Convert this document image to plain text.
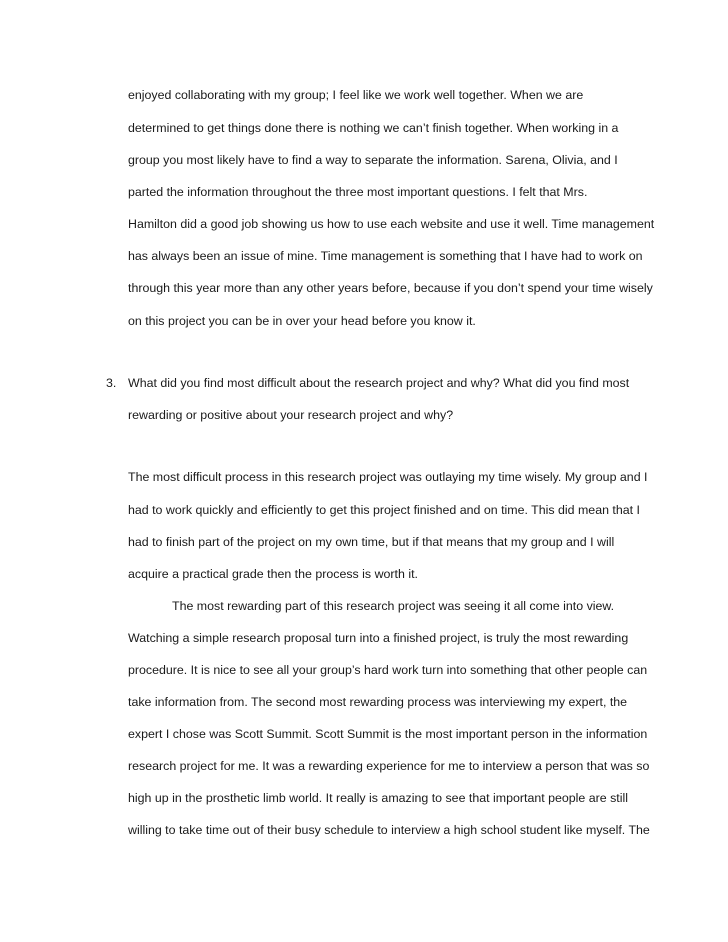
enjoyed collaborating with my group; I feel like we work well together. When we are
determined to get things done there is nothing we can’t finish together. When working in a
group you most likely have to find a way to separate the information. Sarena, Olivia, and I
parted the information throughout the three most important questions. I felt that Mrs.
Hamilton did a good job showing us how to use each website and use it well. Time management
has always been an issue of mine. Time management is something that I have had to work on
through this year more than any other years before, because if you don’t spend your time wisely
on this project you can be in over your head before you know it.
3. What did you find most difficult about the research project and why? What did you find most
rewarding or positive about your research project and why?
The most difficult process in this research project was outlaying my time wisely. My group and I
had to work quickly and efficiently to get this project finished and on time. This did mean that I
had to finish part of the project on my own time, but if that means that my group and I will
acquire a practical grade then the process is worth it.
The most rewarding part of this research project was seeing it all come into view.
Watching a simple research proposal turn into a finished project, is truly the most rewarding
procedure. It is nice to see all your group’s hard work turn into something that other people can
take information from. The second most rewarding process was interviewing my expert, the
expert I chose was Scott Summit. Scott Summit is the most important person in the information
research project for me. It was a rewarding experience for me to interview a person that was so
high up in the prosthetic limb world. It really is amazing to see that important people are still
willing to take time out of their busy schedule to interview a high school student like myself. The
